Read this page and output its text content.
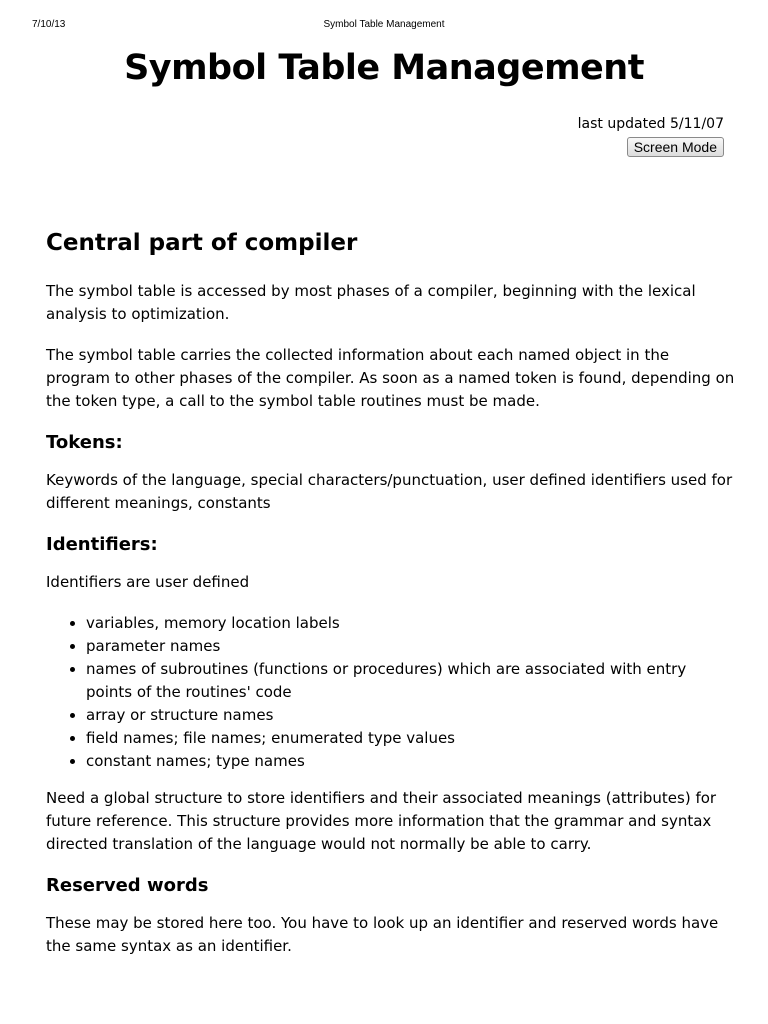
7/10/13	Symbol Table Management
Symbol Table Management
last updated 5/11/07
Screen Mode
Central part of compiler

The symbol table is accessed by most phases of a compiler, beginning with the lexical analysis to optimization.

The symbol table carries the collected information about each named object in the program to other phases of the compiler. As soon as a named token is found, depending on the token type, a call to the symbol table routines must be made.

Tokens:

Keywords of the language, special characters/punctuation, user defined identifiers used for different meanings, constants

Identifiers:

Identifiers are user defined

• variables, memory location labels
• parameter names
• names of subroutines (functions or procedures) which are associated with entry points of the routines' code
• array or structure names
• field names; file names; enumerated type values
• constant names; type names

Need a global structure to store identifiers and their associated meanings (attributes) for future reference. This structure provides more information that the grammar and syntax directed translation of the language would not normally be able to carry.

Reserved words

These may be stored here too. You have to look up an identifier and reserved words have the same syntax as an identifier.
